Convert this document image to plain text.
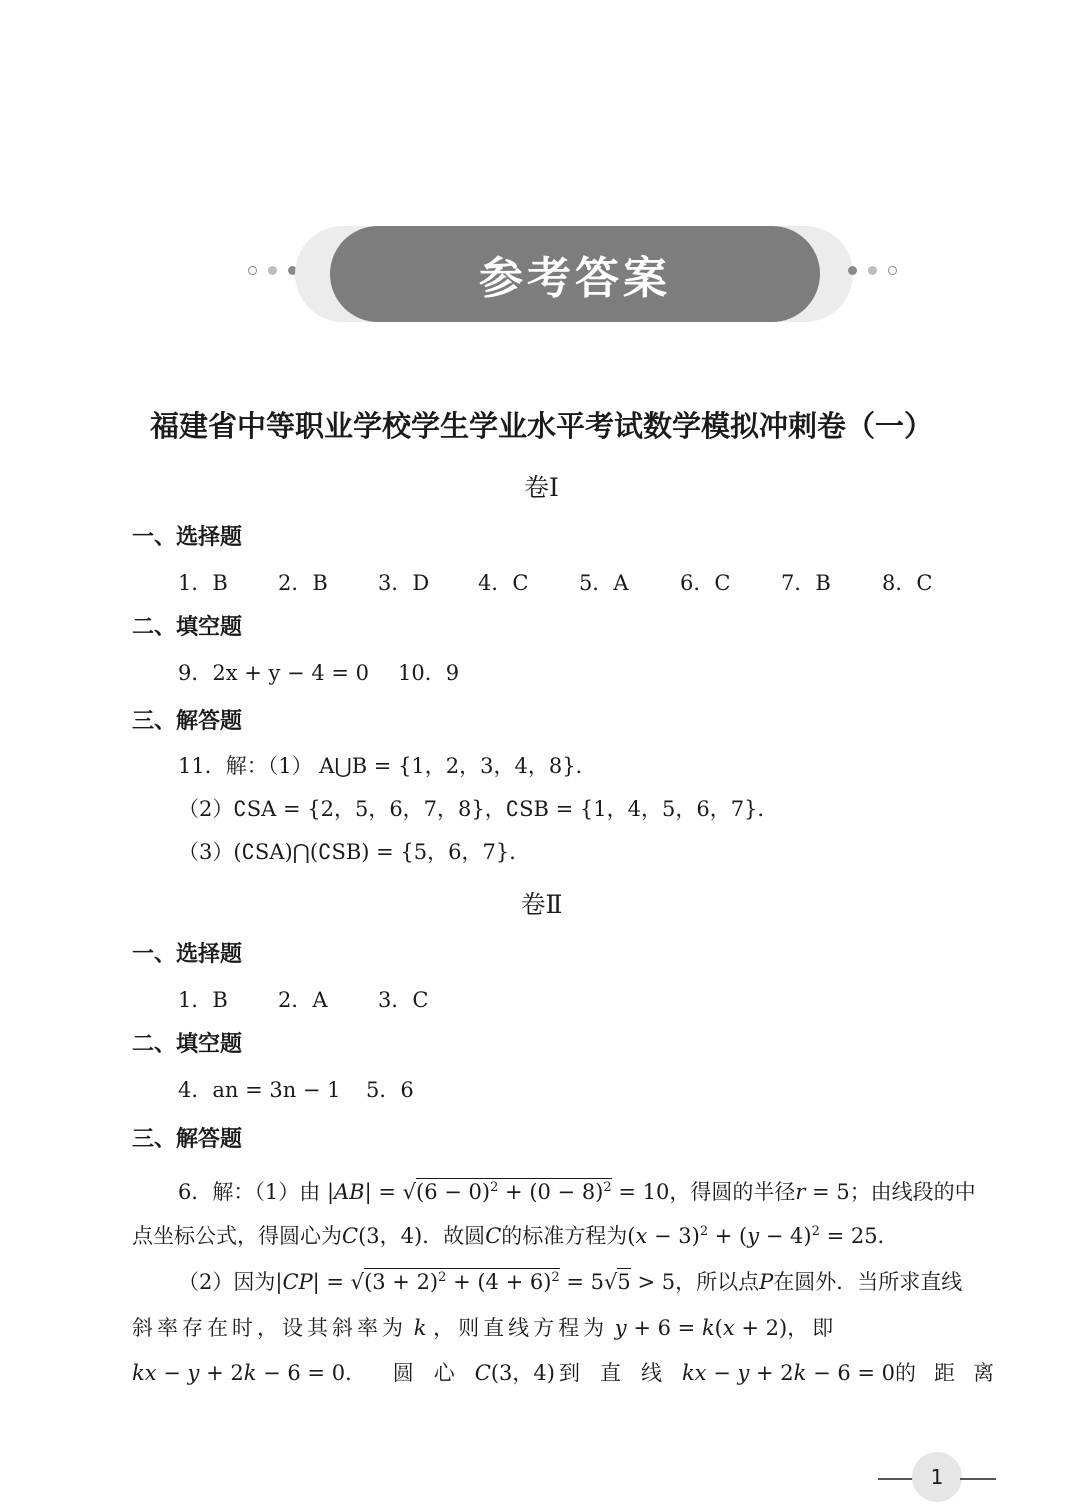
参考答案
福建省中等职业学校学生学业水平考试数学模拟冲刺卷（一）
卷Ⅰ
一、选择题
1．B	2．B	3．D	4．C	5．A	6．C	7．B	8．C
二、填空题
9．2x + y − 4 = 0	10．9
三、解答题
11．解：（1） A⋃B = {1，2，3，4，8}．
（2）∁SA = {2，5，6，7，8}，∁SB = {1，4，5，6，7}．
（3）(∁SA)⋂(∁SB) = {5，6，7}．
卷Ⅱ
一、选择题
1．B	2．A	3．C
二、填空题
4．an = 3n − 1	5．6
三、解答题
6．解：（1）由 $|AB| = √(6 - 0)^2 + (0 - 8)^2 = 10$，得圆的半径r = 5；由线段的中
点坐标公式，得圆心为C(3，4)．故圆C的标准方程为$(x - 3)^2 + (y - 4)^2 = 25$．
（2）因为$|CP| = √(3 + 2)^2 + (4 + 6)^2 = 5√5 > 5$，所以点P在圆外．当所求直线
斜率存在时，设其斜率为 k ，则直线方程为 y + 6 = k(x + 2)，即
kx − y + 2k − 6 = 0． 圆心C(3，4) 到直线kx − y + 2k − 6 = 0的距离
1
